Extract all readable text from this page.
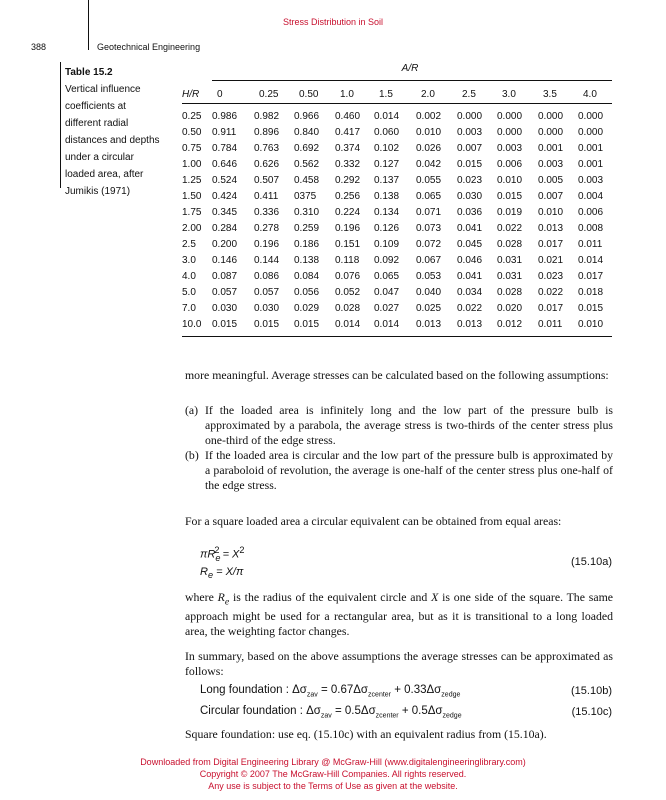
Stress Distribution in Soil
388	Geotechnical Engineering
Table 15.2
Vertical influence
coefficients at
different radial
distances and depths
under a circular
loaded area, after
Jumikis (1971)
A/R
H/R 0	0.25 0.50 1.0	1.5	2.0	2.5	3.0	3.5	4.0
0.25 0.986 0.982 0.966 0.460 0.014 0.002 0.000 0.000 0.000 0.000
0.50 0.911 0.896 0.840 0.417 0.060 0.010 0.003 0.000 0.000 0.000
0.75 0.784 0.763 0.692 0.374 0.102 0.026 0.007 0.003 0.001 0.001
1.00 0.646 0.626 0.562 0.332 0.127 0.042 0.015 0.006 0.003 0.001
1.25 0.524 0.507 0.458 0.292 0.137 0.055 0.023 0.010 0.005 0.003
1.50 0.424 0.411 0375 0.256 0.138 0.065 0.030 0.015 0.007 0.004
1.75 0.345 0.336 0.310 0.224 0.134 0.071 0.036 0.019 0.010 0.006
2.00 0.284 0.278 0.259 0.196 0.126 0.073 0.041 0.022 0.013 0.008
2.5 0.200 0.196 0.186 0.151 0.109 0.072 0.045 0.028 0.017 0.011
3.0 0.146 0.144 0.138 0.118 0.092 0.067 0.046 0.031 0.021 0.014
4.0 0.087 0.086 0.084 0.076 0.065 0.053 0.041 0.031 0.023 0.017
5.0 0.057 0.057 0.056 0.052 0.047 0.040 0.034 0.028 0.022 0.018
7.0 0.030 0.030 0.029 0.028 0.027 0.025 0.022 0.020 0.017 0.015
10.0 0.015 0.015 0.015 0.014 0.014 0.013 0.013 0.012 0.011 0.010
more meaningful. Average stresses can be calculated based on the following assumptions:
(a) If the loaded area is infinitely long and the low part of the pressure bulb is approximated by a parabola, the average stress is two-thirds of the center stress plus one-third of the edge stress.
(b) If the loaded area is circular and the low part of the pressure bulb is approximated by a paraboloid of revolution, the average is one-half of the center stress plus one-half of the edge stress.
For a square loaded area a circular equivalent can be obtained from equal areas:
$\pi R_e^2 = X^2$
$R_e = X/\pi$
(15.10a)
where $R_e$ is the radius of the equivalent circle and X is one side of the square. The same approach might be used for a rectangular area, but as it is transitional to a long loaded area, the weighting factor changes.
In summary, based on the above assumptions the average stresses can be approximated as follows:
Long foundation : $\Delta\sigma_{zav} = 0.67\Delta\sigma_{zcenter} + 0.33\Delta\sigma_{zedge}$	(15.10b)
Circular foundation : $\Delta\sigma_{zav} = 0.5\Delta\sigma_{zcenter} + 0.5\Delta\sigma_{zedge}$	(15.10c)
Square foundation: use eq. (15.10c) with an equivalent radius from (15.10a).
Downloaded from Digital Engineering Library @ McGraw-Hill (www.digitalengineeringlibrary.com)
Copyright © 2007 The McGraw-Hill Companies. All rights reserved.
Any use is subject to the Terms of Use as given at the website.
